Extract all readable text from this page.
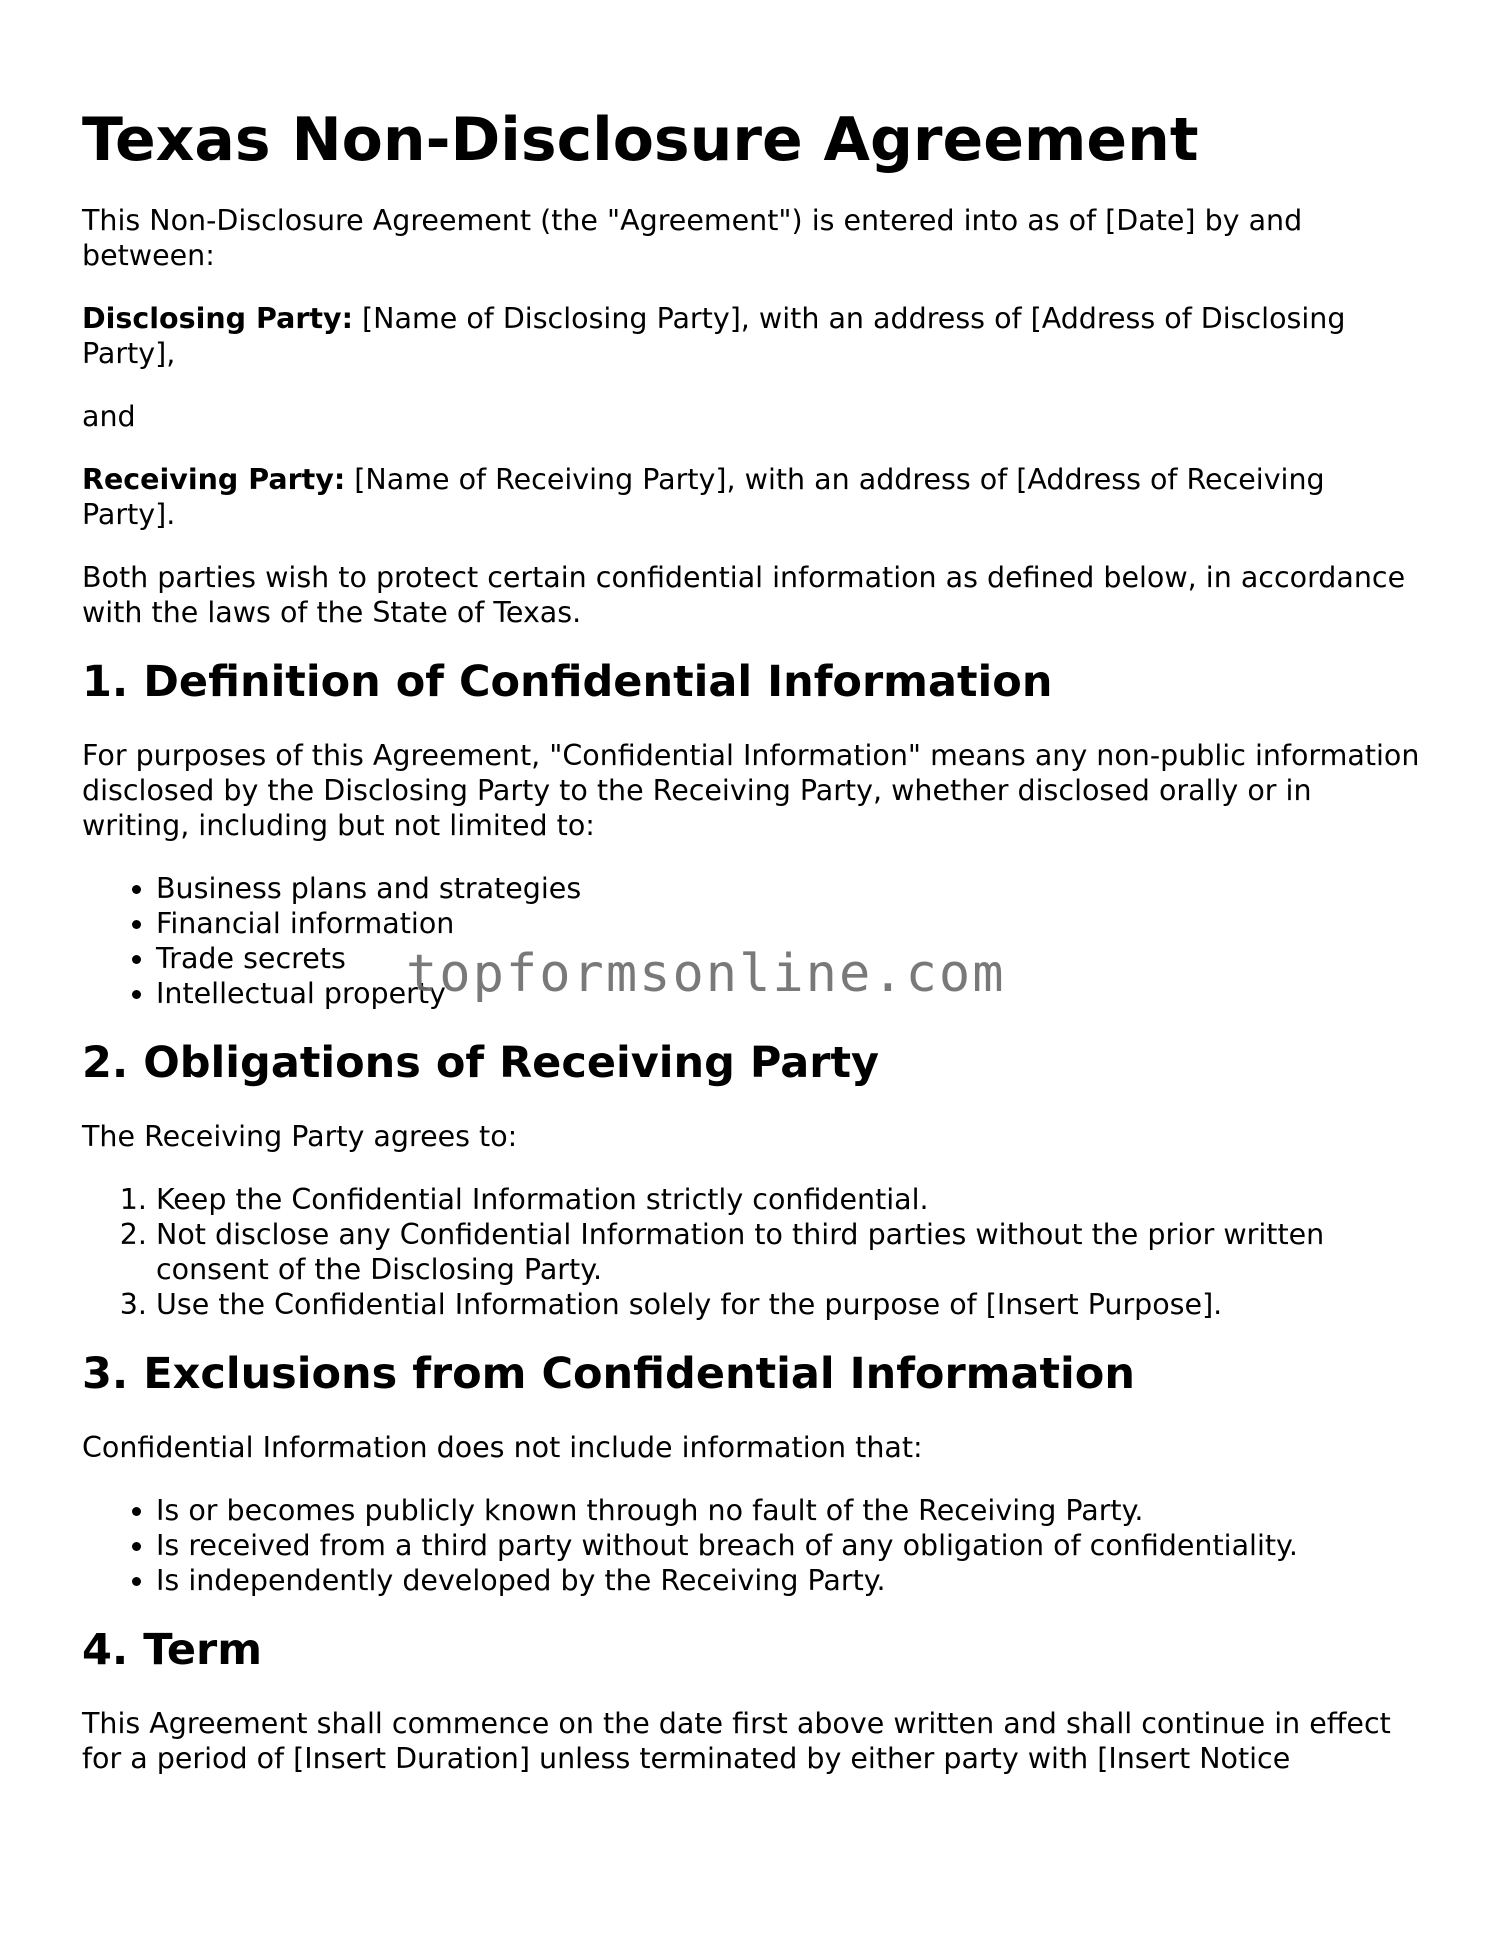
Texas Non-Disclosure Agreement

This Non-Disclosure Agreement (the "Agreement") is entered into as of [Date] by and between:

Disclosing Party: [Name of Disclosing Party], with an address of [Address of Disclosing Party],

and

Receiving Party: [Name of Receiving Party], with an address of [Address of Receiving Party].

Both parties wish to protect certain confidential information as defined below, in accordance with the laws of the State of Texas.

1. Definition of Confidential Information

For purposes of this Agreement, "Confidential Information" means any non-public information disclosed by the Disclosing Party to the Receiving Party, whether disclosed orally or in writing, including but not limited to:

• Business plans and strategies
• Financial information
• Trade secrets
• Intellectual property
2. Obligations of Receiving Party

The Receiving Party agrees to:

1. Keep the Confidential Information strictly confidential.
2. Not disclose any Confidential Information to third parties without the prior written consent of the Disclosing Party.
3. Use the Confidential Information solely for the purpose of [Insert Purpose].
3. Exclusions from Confidential Information

Confidential Information does not include information that:

• Is or becomes publicly known through no fault of the Receiving Party.
• Is received from a third party without breach of any obligation of confidentiality.
• Is independently developed by the Receiving Party.
4. Term

This Agreement shall commence on the date first above written and shall continue in effect for a period of [Insert Duration] unless terminated by either party with [Insert Notice

topformsonline.com
